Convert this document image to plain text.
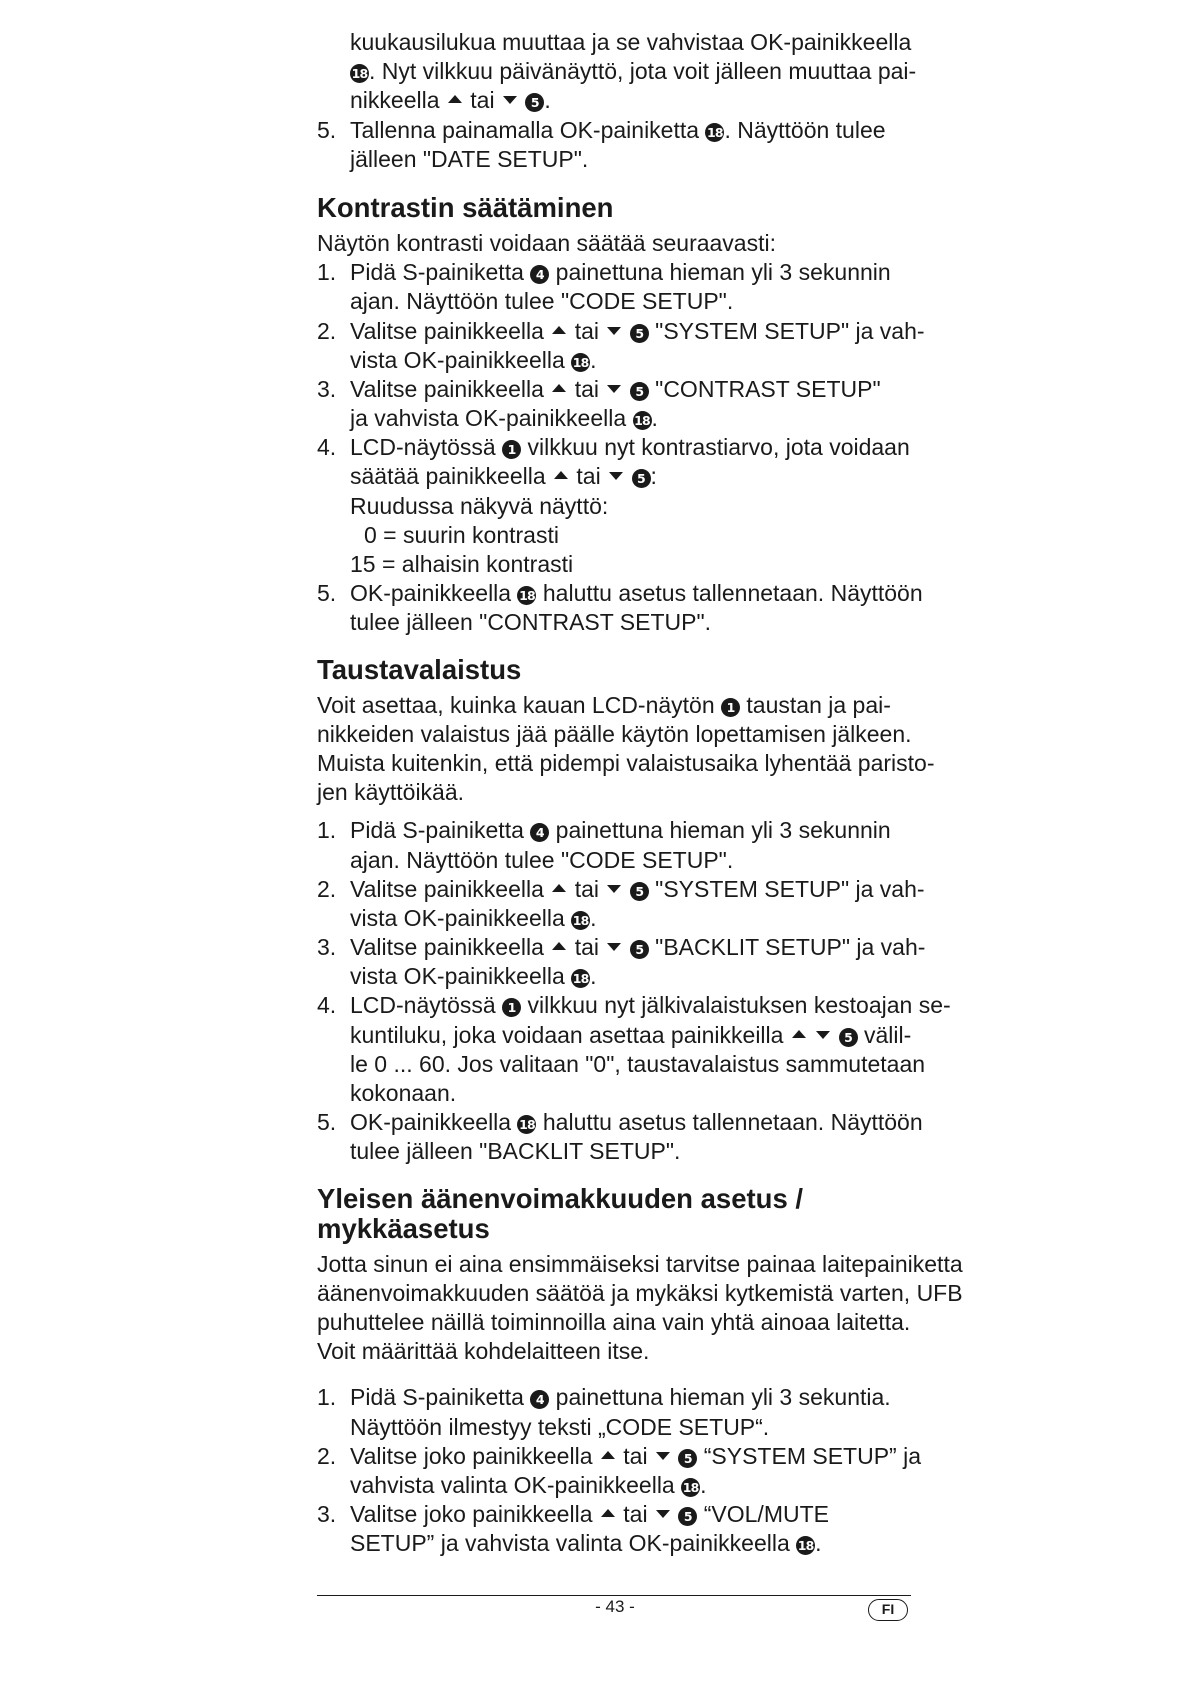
kuukausilukua muuttaa ja se vahvistaa OK-painikkeella
18. Nyt vilkkuu päivänäyttö, jota voit jälleen muuttaa pai-
nikkeella tai	5 .
5. Tallenna painamalla OK-painiketta 18. Näyttöön tulee
jälleen "DATE SETUP".
Kontrastin säätäminen
Näytön kontrasti voidaan säätää seuraavasti:
1. Pidä S-painiketta 4 painettuna hieman yli 3 sekunnin
ajan. Näyttöön tulee "CODE SETUP".
2. Valitse painikkeella tai	5 "SYSTEM SETUP" ja vah-
vista OK-painikkeella 18.
3. Valitse painikkeella tai	5 "CONTRAST SETUP"
ja vahvista OK-painikkeella 18.
4. LCD-näytössä 1 vilkkuu nyt kontrastiarvo, jota voidaan
säätää painikkeella tai	5 :
Ruudussa näkyvä näyttö:
0 = suurin kontrasti
15 = alhaisin kontrasti
5. OK-painikkeella 18 haluttu asetus tallennetaan. Näyttöön
tulee jälleen "CONTRAST SETUP".
Taustavalaistus
Voit asettaa, kuinka kauan LCD-näytön 1 taustan ja pai-
nikkeiden valaistus jää päälle käytön lopettamisen jälkeen.
Muista kuitenkin, että pidempi valaistusaika lyhentää paristo-
jen käyttöikää.
1. Pidä S-painiketta 4 painettuna hieman yli 3 sekunnin
ajan. Näyttöön tulee "CODE SETUP".
2. Valitse painikkeella tai	5 "SYSTEM SETUP" ja vah-
vista OK-painikkeella 18.
3. Valitse painikkeella tai	5 "BACKLIT SETUP" ja vah-
vista OK-painikkeella 18.
4. LCD-näytössä 1 vilkkuu nyt jälkivalaistuksen kestoajan se-
kuntiluku, joka voidaan asettaa painikkeilla	5 välil-
le 0 ... 60. Jos valitaan "0", taustavalaistus sammutetaan
kokonaan.
5. OK-painikkeella 18 haluttu asetus tallennetaan. Näyttöön
tulee jälleen "BACKLIT SETUP".
Yleisen äänenvoimakkuuden asetus /
mykkäasetus
Jotta sinun ei aina ensimmäiseksi tarvitse painaa laitepainiketta
äänenvoimakkuuden säätöä ja mykäksi kytkemistä varten, UFB
puhuttelee näillä toiminnoilla aina vain yhtä ainoaa laitetta.
Voit määrittää kohdelaitteen itse.
1. Pidä S-painiketta 4 painettuna hieman yli 3 sekuntia.
Näyttöön ilmestyy teksti „CODE SETUP“.
2. Valitse joko painikkeella tai	5 “SYSTEM SETUP” ja
vahvista valinta OK-painikkeella 18.
3. Valitse joko painikkeella tai	5 “VOL/MUTE
SETUP” ja vahvista valinta OK-painikkeella 18.
- 43 -	FI
